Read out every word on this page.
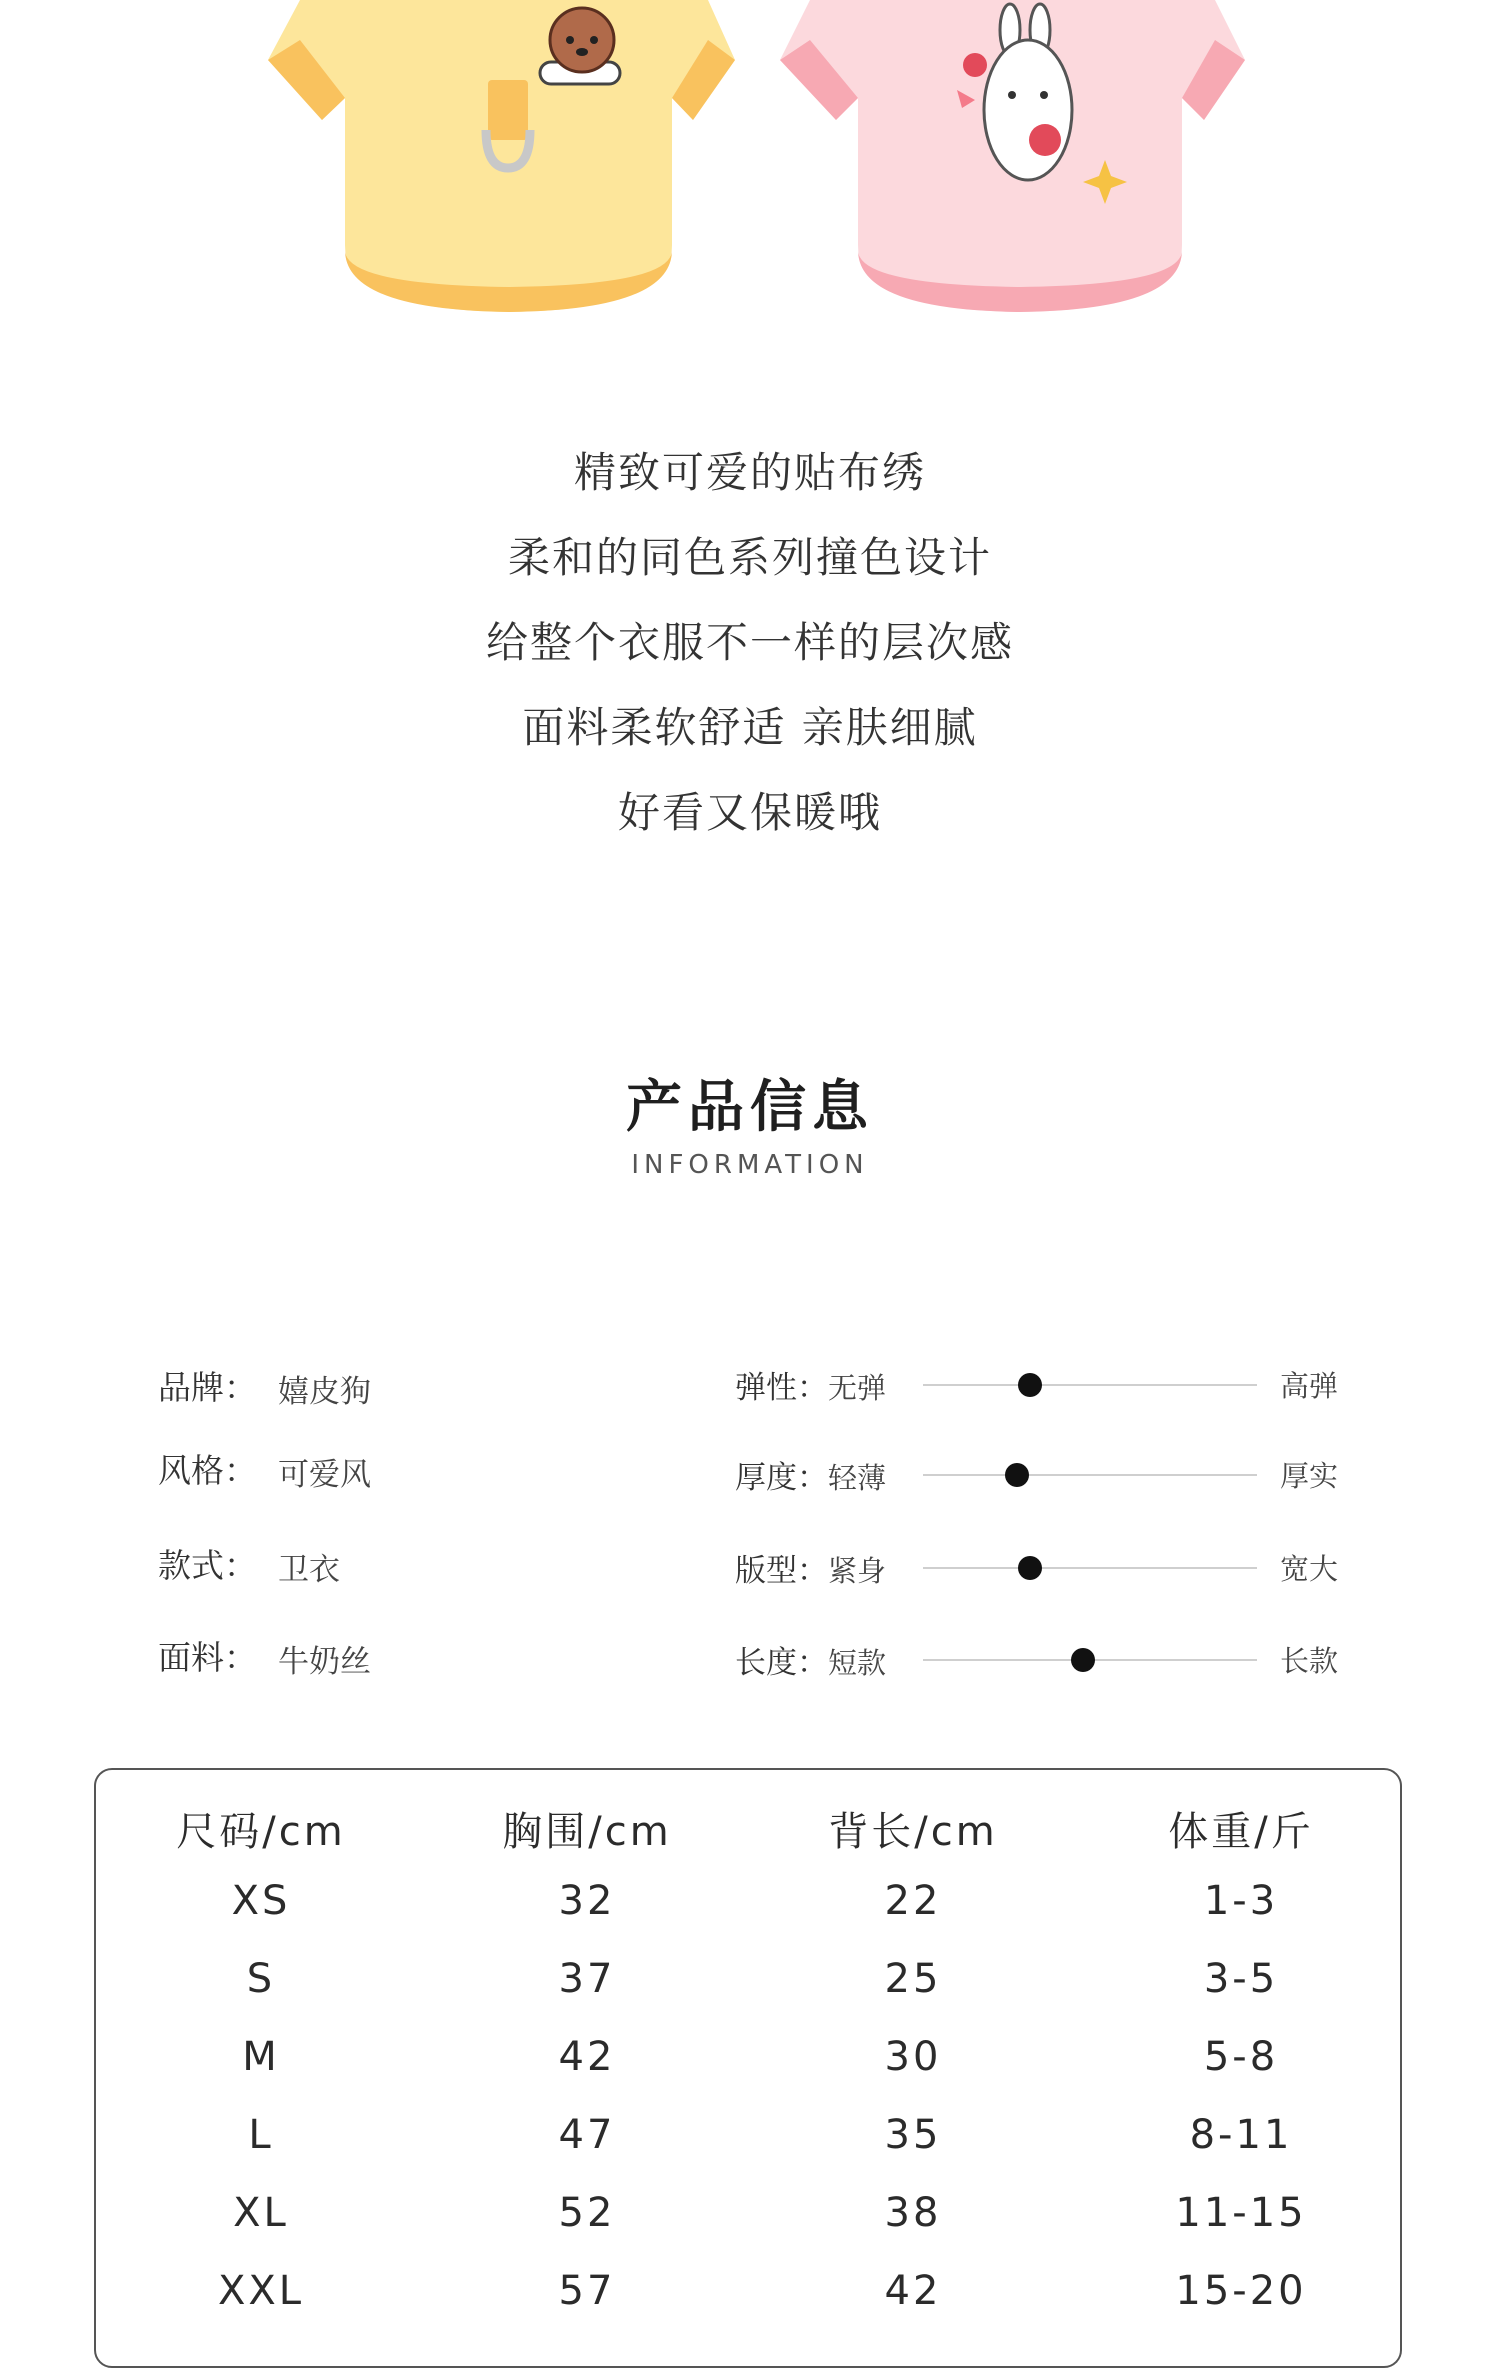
精致可爱的贴布绣
柔和的同色系列撞色设计
给整个衣服不一样的层次感
面料柔软舒适 亲肤细腻
好看又保暖哦
产品信息
INFORMATION
品牌： 嬉皮狗
风格： 可爱风
款式： 卫衣
面料： 牛奶丝
弹性：无弹	高弹
厚度：轻薄	厚实
版型：紧身	宽大
长度：短款	长款
尺码/cm	胸围/cm	背长/cm	体重/斤
XS	32	22	1-3
S	37	25	3-5
M	42	30	5-8
L	47	35	8-11
XL	52	38	11-15
XXL	57	42	15-20
